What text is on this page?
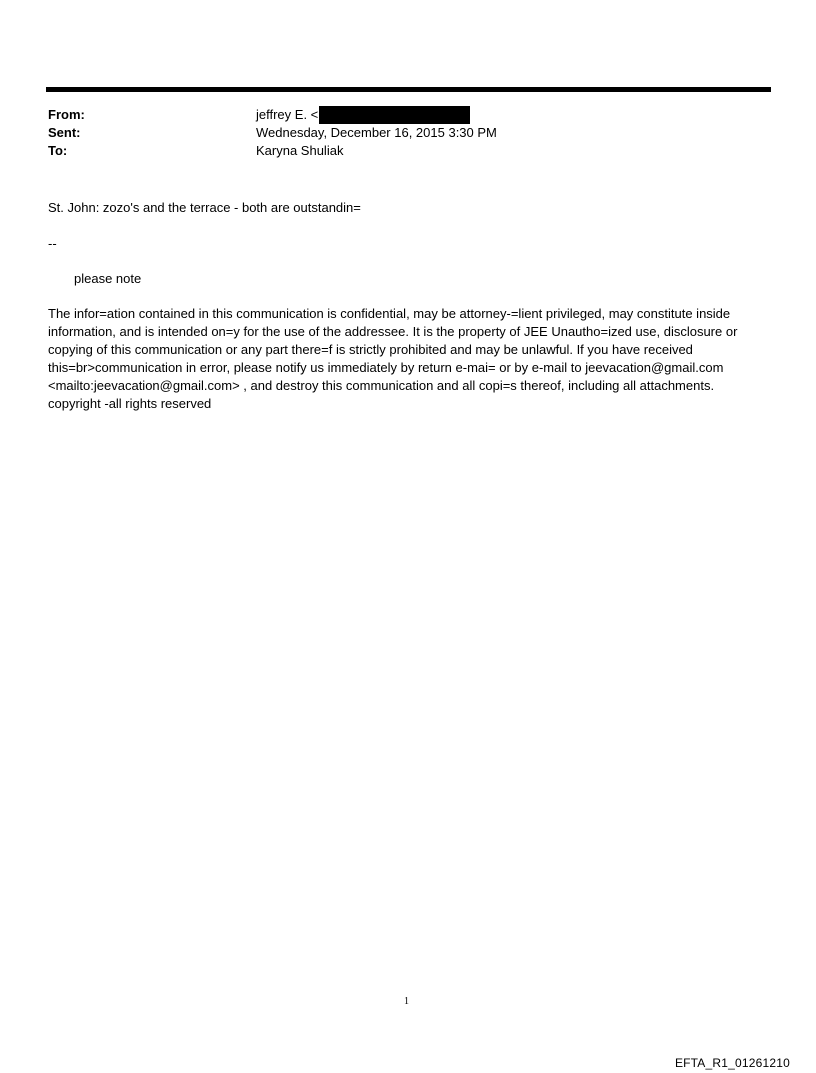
From:	jeffrey E. <
Sent:	Wednesday, December 16, 2015 3:30 PM
To:	Karyna Shuliak
St. John: zozo's and the terrace - both are outstandin=
--
please note
The infor=ation contained in this communication is confidential, may be attorney-=lient privileged, may constitute inside
information, and is intended on=y for the use of the addressee. It is the property of JEE Unautho=ized use, disclosure or
copying of this communication or any part there=f is strictly prohibited and may be unlawful. If you have received
this=br>communication in error, please notify us immediately by return e-mai= or by e-mail to jeevacation@gmail.com
<mailto:jeevacation@gmail.com> , and destroy this communication and all copi=s thereof, including all attachments.
copyright -all rights reserved
1
EFTA_R1_01261210
